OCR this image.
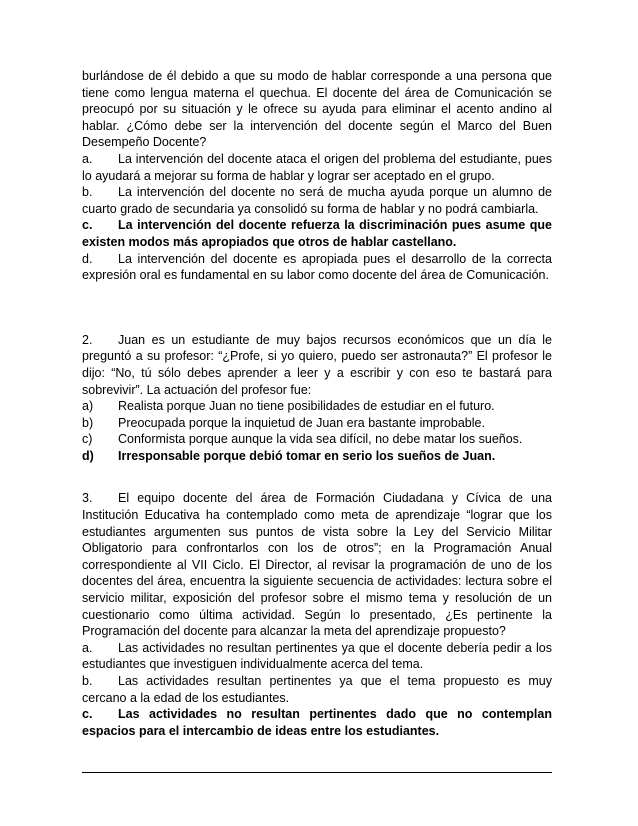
burlándose de él debido a que su modo de hablar corresponde a una persona que

tiene como lengua materna el quechua. El docente del área de Comunicación se

preocupó por su situación y le ofrece su ayuda para eliminar el acento andino al

hablar. ¿Cómo debe ser la intervención del docente según el Marco del Buen

Desempeño Docente?

a.	La intervención del docente ataca el origen del problema del estudiante, pues

lo ayudará a mejorar su forma de hablar y lograr ser aceptado en el grupo.

b.	La intervención del docente no será de mucha ayuda porque un alumno de

cuarto grado de secundaria ya consolidó su forma de hablar y no podrá cambiarla.

c.	La intervención del docente refuerza la discriminación pues asume que

existen modos más apropiados que otros de hablar castellano.

d.	La intervención del docente es apropiada pues el desarrollo de la correcta

expresión oral es fundamental en su labor como docente del área de Comunicación.

2.	Juan es un estudiante de muy bajos recursos económicos que un día le

preguntó a su profesor: “¿Profe, si yo quiero, puedo ser astronauta?” El profesor le

dijo: “No, tú sólo debes aprender a leer y a escribir y con eso te bastará para

sobrevivir”. La actuación del profesor fue:

a)	Realista porque Juan no tiene posibilidades de estudiar en el futuro.
b)	Preocupada porque la inquietud de Juan era bastante improbable.
c)	Conformista porque aunque la vida sea difícil, no debe matar los sueños.
d)	Irresponsable porque debió tomar en serio los sueños de Juan.
3.	El equipo docente del área de Formación Ciudadana y Cívica de una

Institución Educativa ha contemplado como meta de aprendizaje “lograr que los

estudiantes argumenten sus puntos de vista sobre la Ley del Servicio Militar

Obligatorio para confrontarlos con los de otros”; en la Programación Anual

correspondiente al VII Ciclo. El Director, al revisar la programación de uno de los

docentes del área, encuentra la siguiente secuencia de actividades: lectura sobre el

servicio militar, exposición del profesor sobre el mismo tema y resolución de un

cuestionario como última actividad. Según lo presentado, ¿Es pertinente la

Programación del docente para alcanzar la meta del aprendizaje propuesto?

a.	Las actividades no resultan pertinentes ya que el docente debería pedir a los

estudiantes que investiguen individualmente acerca del tema.

b.	Las actividades resultan pertinentes ya que el tema propuesto es muy

cercano a la edad de los estudiantes.

c.	Las actividades no resultan pertinentes dado que no contemplan

espacios para el intercambio de ideas entre los estudiantes.
